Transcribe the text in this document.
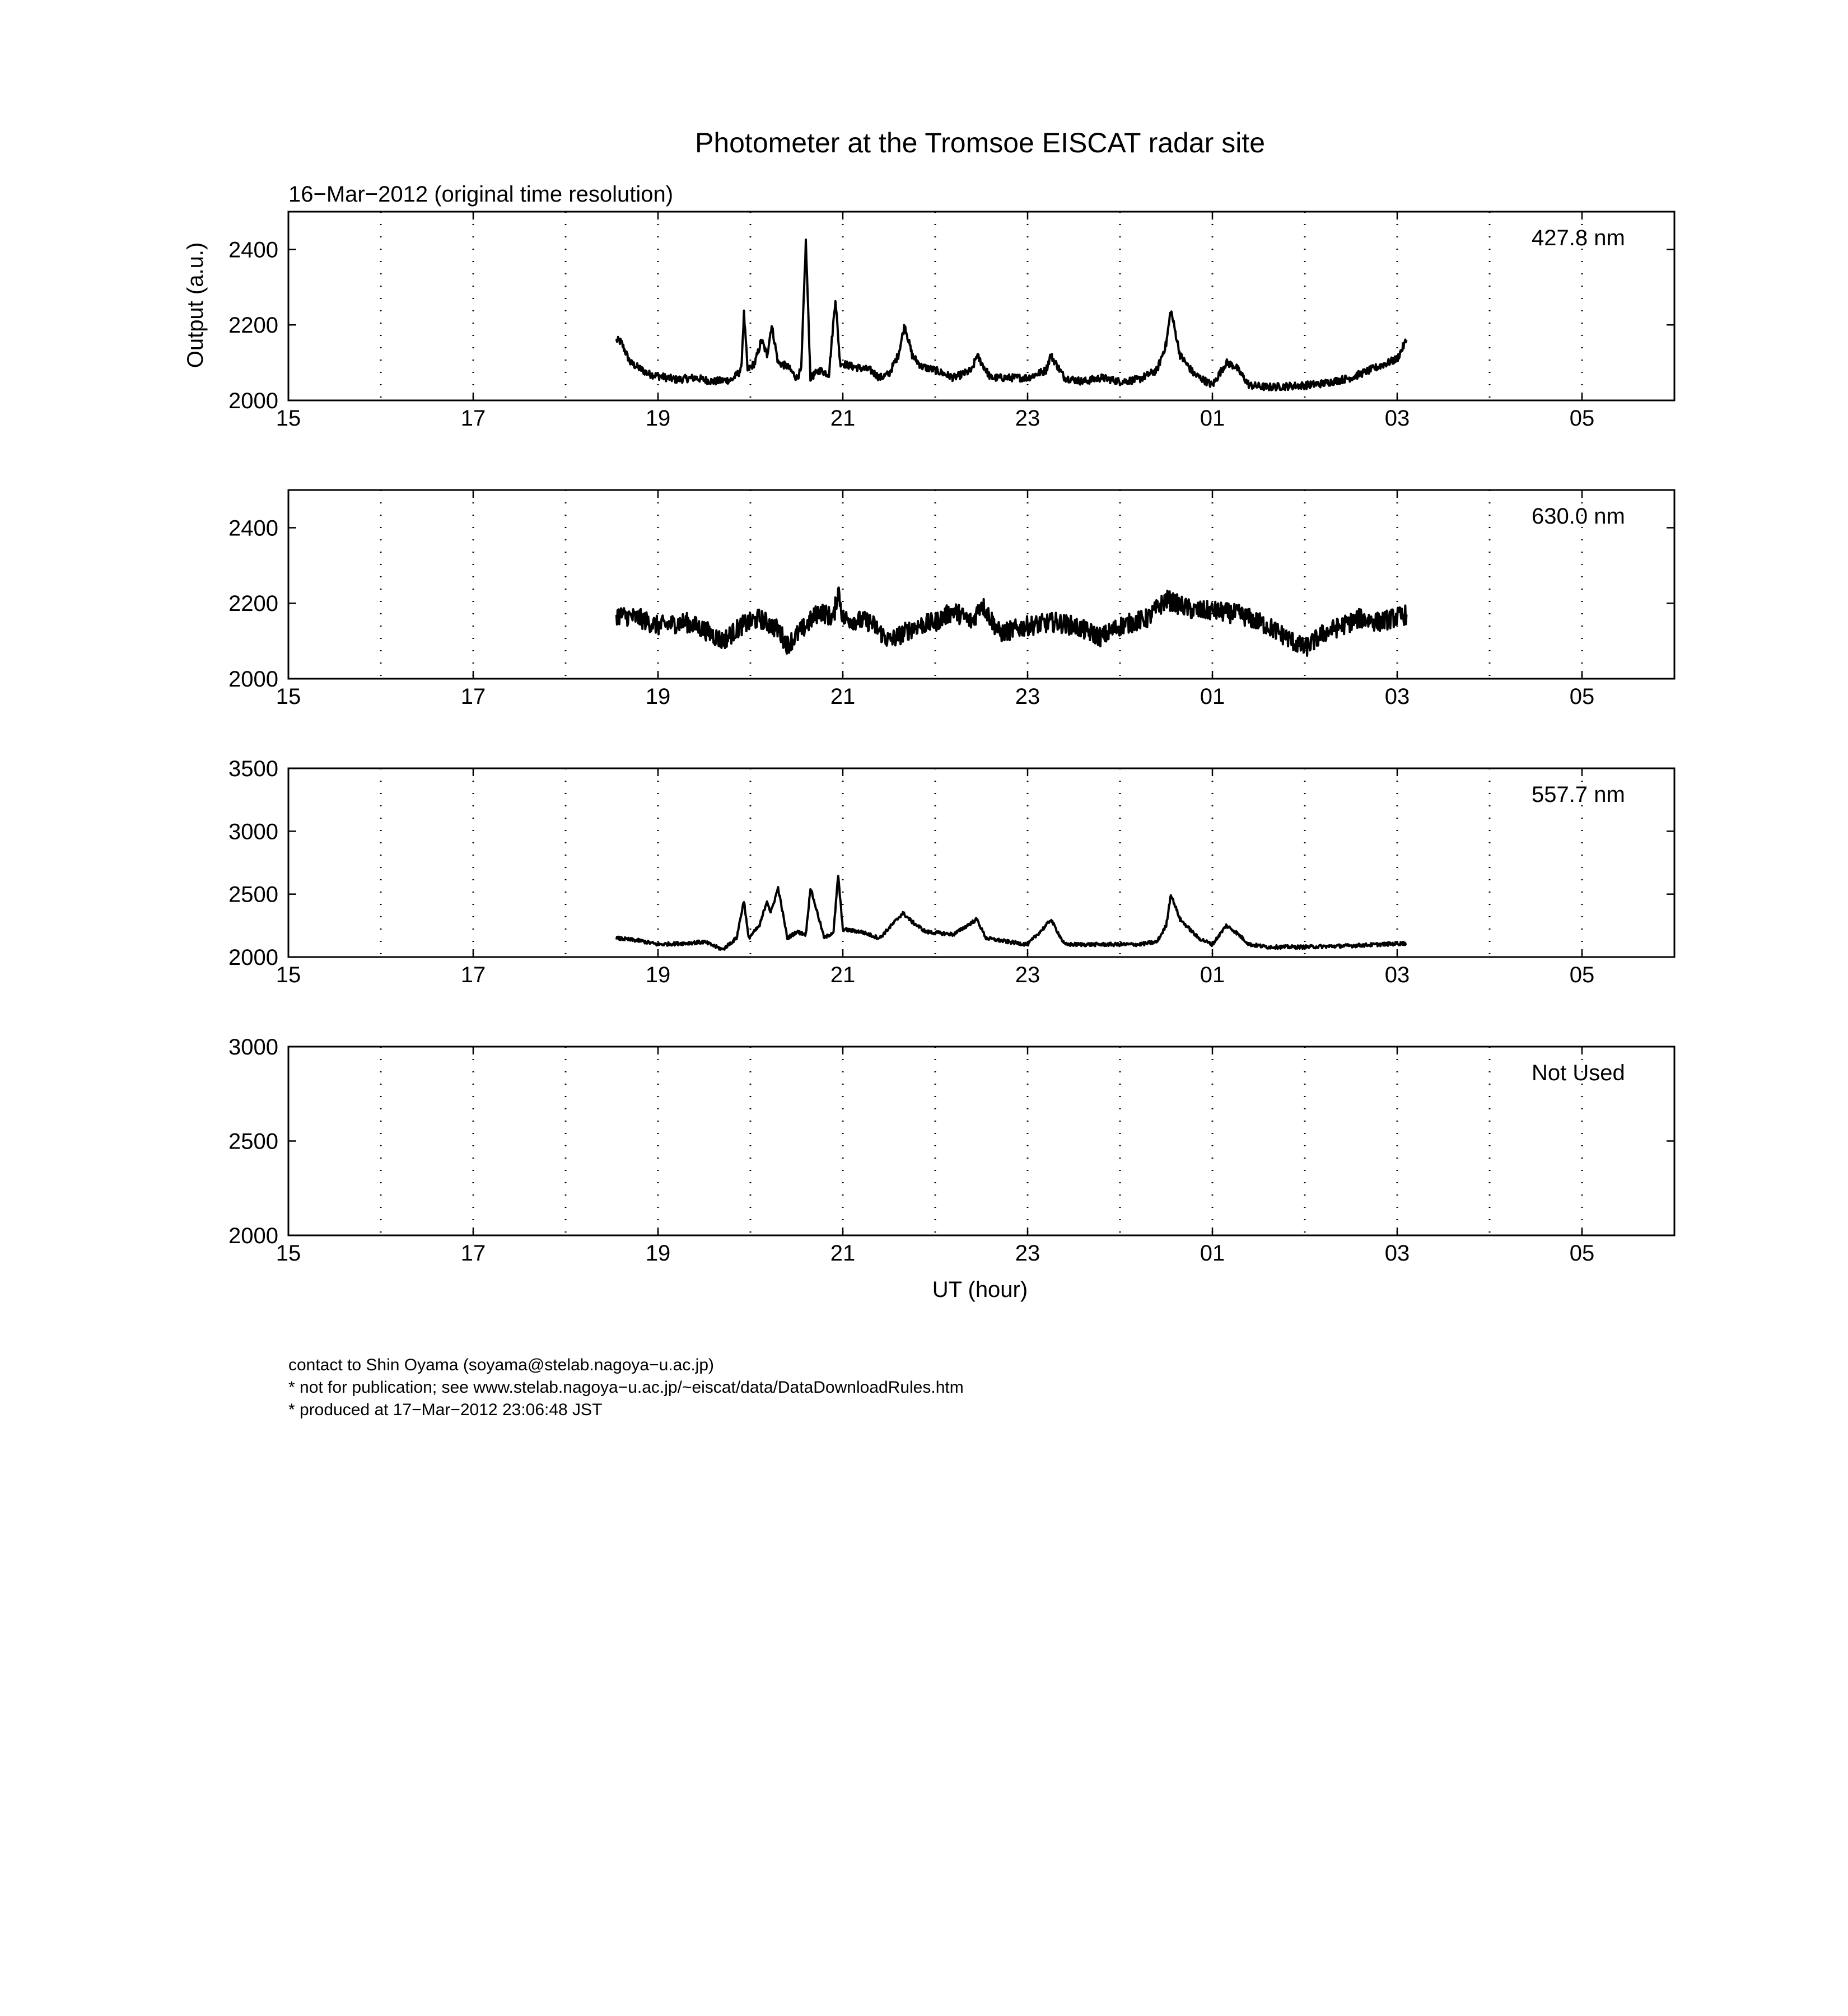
Photometer at the Tromsoe EISCAT radar site
16−Mar−2012 (original time resolution)
Output (a.u.)
UT (hour)
15	17	19	21	23	01	03	05
2000
2200
2400	427.8 nm
15	17	19	21	23	01	03	05
2000
2200
2400	630.0 nm
15	17	19	21	23	01	03	05
2000
2500
3000
3500
557.7 nm
15	17	19	21	23	01	03	05
2000
2500
3000
Not Used
contact to Shin Oyama (soyama@stelab.nagoya−u.ac.jp)
* not for publication; see www.stelab.nagoya−u.ac.jp/~eiscat/data/DataDownloadRules.htm
* produced at 17−Mar−2012 23:06:48 JST
